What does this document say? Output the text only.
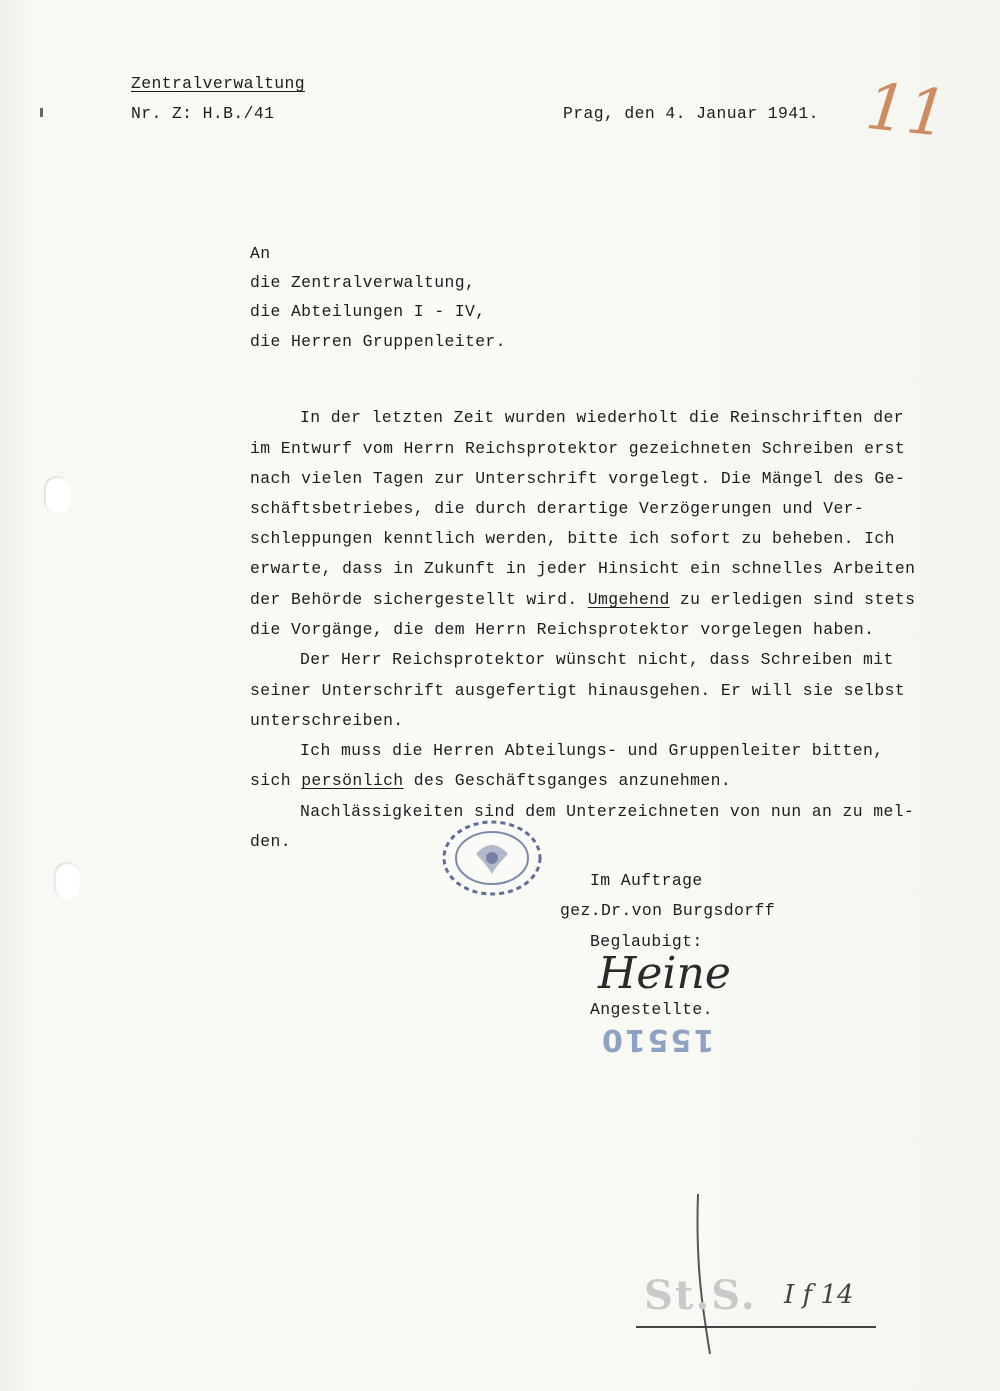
Zentralverwaltung
Nr. Z: H.B./41	Prag, den 4. Januar 1941. 11
An
die Zentralverwaltung,
die Abteilungen I - IV,
die Herren Gruppenleiter.
In der letzten Zeit wurden wiederholt die Reinschriften der
im Entwurf vom Herrn Reichsprotektor gezeichneten Schreiben erst
nach vielen Tagen zur Unterschrift vorgelegt. Die Mängel des Ge-
schäftsbetriebes, die durch derartige Verzögerungen und Ver-
schleppungen kenntlich werden, bitte ich sofort zu beheben. Ich
erwarte, dass in Zukunft in jeder Hinsicht ein schnelles Arbeiten
der Behörde sichergestellt wird. Umgehend zu erledigen sind stets
die Vorgänge, die dem Herrn Reichsprotektor vorgelegen haben.
Der Herr Reichsprotektor wünscht nicht, dass Schreiben mit
seiner Unterschrift ausgefertigt hinausgehen. Er will sie selbst
unterschreiben.
Ich muss die Herren Abteilungs- und Gruppenleiter bitten,
sich persönlich des Geschäftsganges anzunehmen.
Nachlässigkeiten sind dem Unterzeichneten von nun an zu mel-
den.
Im Auftrage
gez.Dr.von Burgsdorff
Beglaubigt:
Heine
Angestellte.
15510
St.S. I f 14
